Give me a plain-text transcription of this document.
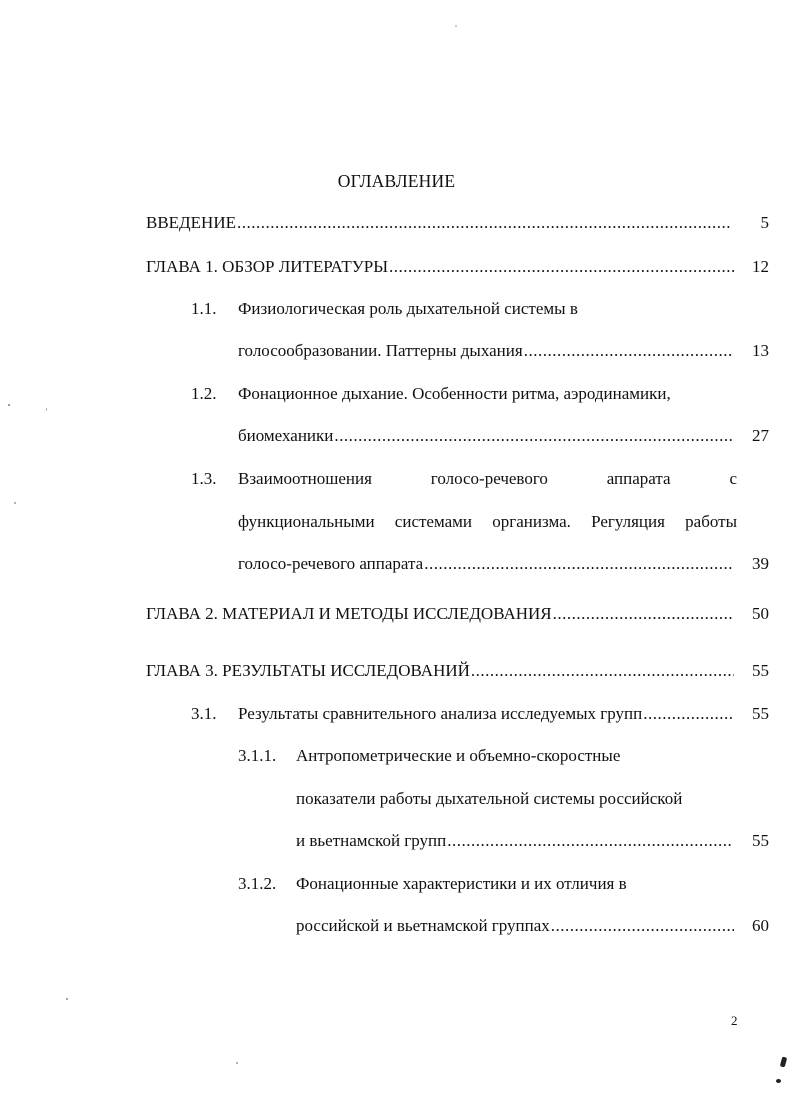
ОГЛАВЛЕНИЕ
ВВЕДЕНИЕ .....	5
ГЛАВА 1. ОБЗОР ЛИТЕРАТУРЫ .....	12
1.1. Физиологическая роль дыхательной системы в
голосообразовании. Паттерны дыхания .....	13
1.2. Фонационное дыхание. Особенности ритма, аэродинамики,
биомеханики .....	27
1.3. Взаимоотношения	голосо-речевого	аппарата	с
функциональными системами организма. Регуляция работы
голосо-речевого аппарата .....	39
ГЛАВА 2. МАТЕРИАЛ И МЕТОДЫ ИССЛЕДОВАНИЯ .....	50
ГЛАВА 3. РЕЗУЛЬТАТЫ ИССЛЕДОВАНИЙ .....	55
3.1. Результаты сравнительного анализа исследуемых групп .....	55
3.1.1. Антропометрические и объемно-скоростные
показатели работы дыхательной системы российской
и вьетнамской групп .....	55
3.1.2. Фонационные характеристики и их отличия в
российской и вьетнамской группах .....	60
2
